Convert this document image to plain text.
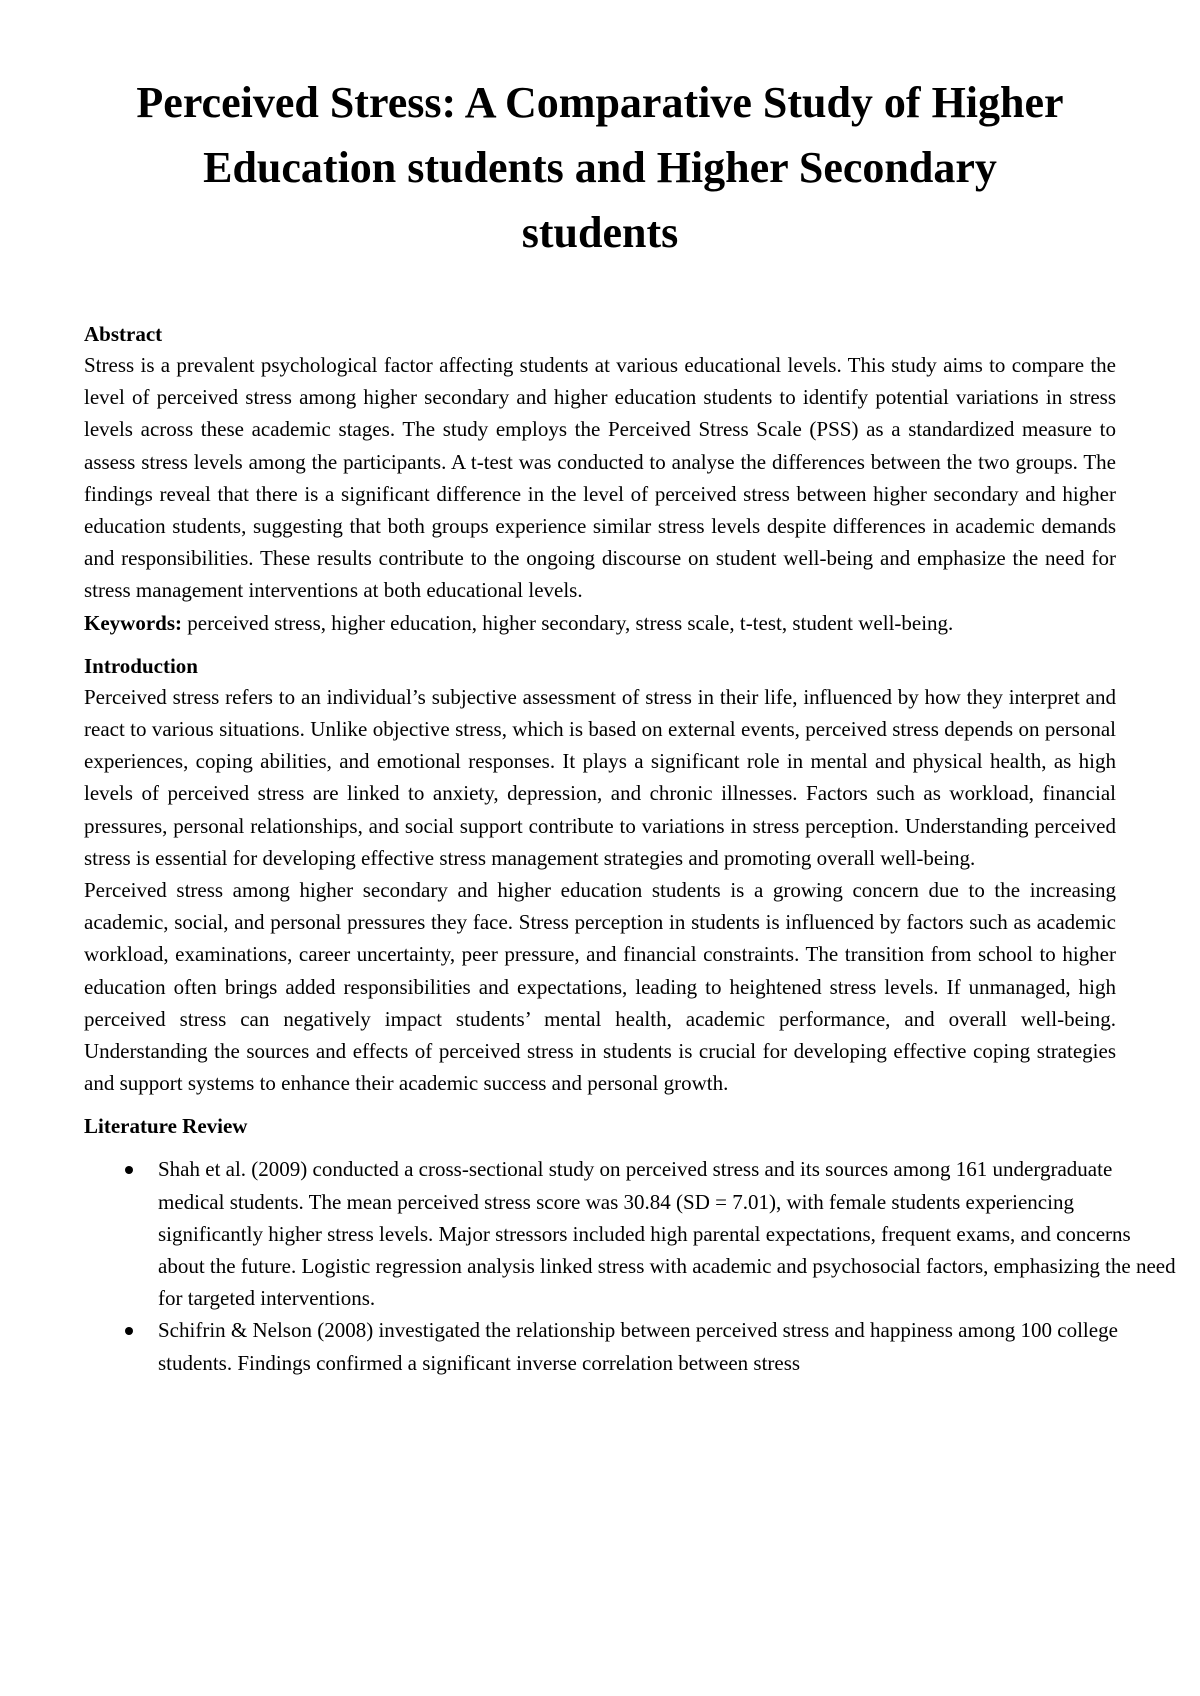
Perceived Stress: A Comparative Study of Higher Education students and Higher Secondary students
Abstract

Stress is a prevalent psychological factor affecting students at various educational levels. This study aims to compare the level of perceived stress among higher secondary and higher education students to identify potential variations in stress levels across these academic stages. The study employs the Perceived Stress Scale (PSS) as a standardized measure to assess stress levels among the participants. A t-test was conducted to analyse the differences between the two groups. The findings reveal that there is a significant difference in the level of perceived stress between higher secondary and higher education students, suggesting that both groups experience similar stress levels despite differences in academic demands and responsibilities. These results contribute to the ongoing discourse on student well-being and emphasize the need for stress management interventions at both educational levels.

Keywords: perceived stress, higher education, higher secondary, stress scale, t-test, student well-being.

Introduction

Perceived stress refers to an individual’s subjective assessment of stress in their life, influenced by how they interpret and react to various situations. Unlike objective stress, which is based on external events, perceived stress depends on personal experiences, coping abilities, and emotional responses. It plays a significant role in mental and physical health, as high levels of perceived stress are linked to anxiety, depression, and chronic illnesses. Factors such as workload, financial pressures, personal relationships, and social support contribute to variations in stress perception. Understanding perceived stress is essential for developing effective stress management strategies and promoting overall well-being.

Perceived stress among higher secondary and higher education students is a growing concern due to the increasing academic, social, and personal pressures they face. Stress perception in students is influenced by factors such as academic workload, examinations, career uncertainty, peer pressure, and financial constraints. The transition from school to higher education often brings added responsibilities and expectations, leading to heightened stress levels. If unmanaged, high perceived stress can negatively impact students’ mental health, academic performance, and overall well-being. Understanding the sources and effects of perceived stress in students is crucial for developing effective coping strategies and support systems to enhance their academic success and personal growth.

Literature Review
Shah et al. (2009) conducted a cross-sectional study on perceived stress and its sources among 161 undergraduate medical students. The mean perceived stress score was 30.84 (SD = 7.01), with female students experiencing significantly higher stress levels. Major stressors included high parental expectations, frequent exams, and concerns about the future. Logistic regression analysis linked stress with academic and psychosocial factors, emphasizing the need for targeted interventions.
Schifrin & Nelson (2008) investigated the relationship between perceived stress and happiness among 100 college students. Findings confirmed a significant inverse correlation between stress
